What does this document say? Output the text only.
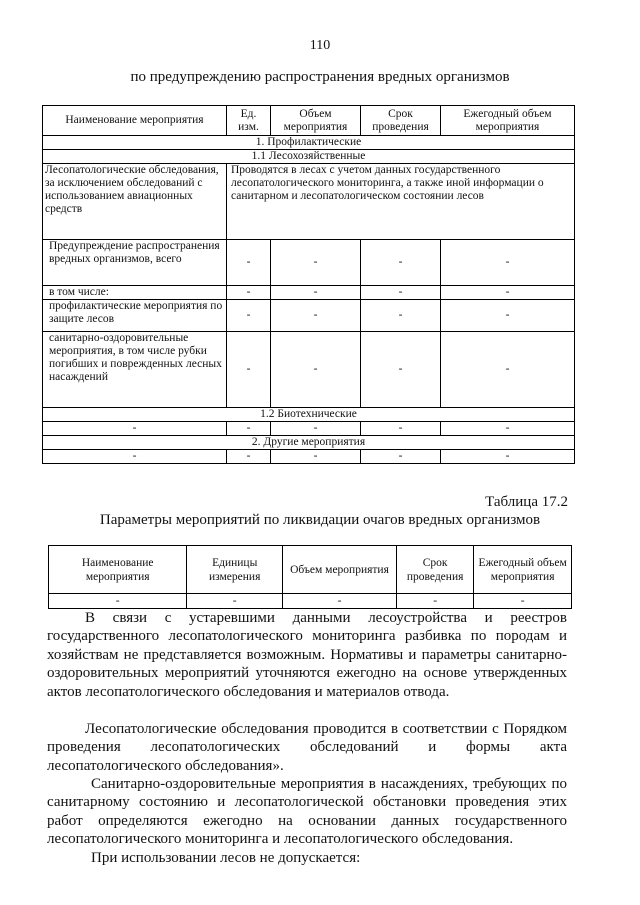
110
по предупреждению распространения вредных организмов
Наименование мероприятия	Ед. изм.	Объем мероприятия	Срок проведения	Ежегодный объем мероприятия
1. Профилактические				
1.1 Лесохозяйственные				
Лесопатологические обследования, за исключением обследований с использованием авиационных средств	Проводятся в лесах с учетом данных государственного лесопатологического мониторинга, а также иной информации о санитарном и лесопатологическом состоянии лесов			
Предупреждение распространения вредных организмов, всего	-	-	-	-
в том числе:	-	-	-	-
профилактические мероприятия по защите лесов	-	-	-	-
санитарно-оздоровительные мероприятия, в том числе рубки погибших и поврежденных лесных насаждений	-	-	-	-
1.2 Биотехнические				
-	-	-	-	-
2. Другие мероприятия				
-	-	-	-	-
Таблица 17.2
Параметры мероприятий по ликвидации очагов вредных организмов
Наименование мероприятия	Единицы измерения	Объем мероприятия	Срок проведения	Ежегодный объем мероприятия
-	-	-	-	-
В связи с устаревшими данными лесоустройства и реестров государственного лесопатологического мониторинга разбивка по породам и хозяйствам не представляется возможным. Нормативы и параметры санитарно-оздоровительных мероприятий уточняются ежегодно на основе утвержденных актов лесопатологического обследования и материалов отвода.
Лесопатологические обследования проводится в соответствии с Порядком проведения лесопатологических обследований и формы акта лесопатологического обследования».
Санитарно-оздоровительные мероприятия в насаждениях, требующих по санитарному состоянию и лесопатологической обстановки проведения этих работ определяются ежегодно на основании данных государственного лесопатологического мониторинга и лесопатологического обследования.
При использовании лесов не допускается:
